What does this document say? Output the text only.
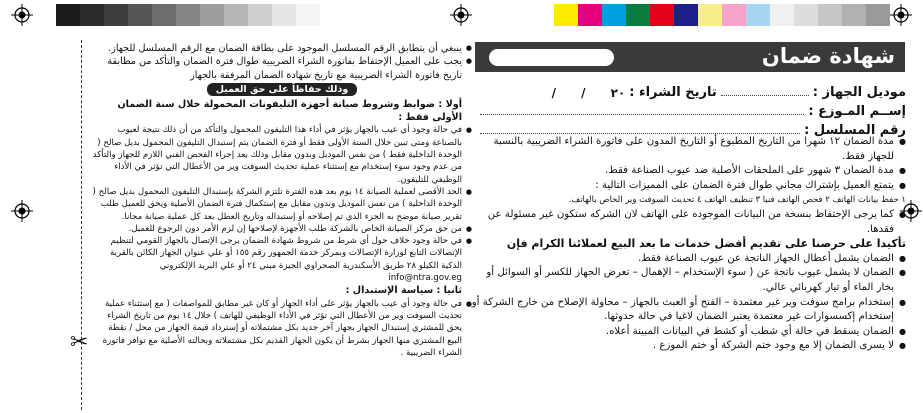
✂
شهادة ضمان
موديل الجهاز :
تاريخ الشراء :
/      /      ٢٠
إســم المـوزع :
رقم المسلسل :

● مدة الضمان ١٢ شهرا من التاريخ المطبوع أو التاريخ المدون على فاتورة الشراء الضريبية بالنسبة للجهاز فقط.

● مدة الضمان ٣ شهور على الملحقات الأصلية ضد عيوب الصناعة فقط.

● يتمتع العميل بإشتراك مجاني طوال فترة الضمان على المميزات التالية :

١ حفظ بيانات الهاتف ٢ فحص الهاتف فنيا ٣ تنظيف الهاتف ٤ تحديث السوفت وير الخاص بالهاتف.

● كما يرجى الإحتفاظ بنسخة من البيانات الموجوده على الهاتف لان الشركه ستكون غير مسئولة عن فقدها.

تأكيدا على حرصنا على تقديم أفضل خدمات ما بعد البيع لعملائنا الكرام فإن

● الضمان يشمل أعطال الجهاز الناتجة عن عيوب الصناعة فقط.

● الضمان لا يشمل عيوب ناتجة عن ( سوء الإستخدام – الإهمال – تعرض الجهاز للكسر أو السوائل أو بخار الماء أو تيار كهربائي عالي.

● إستخدام برامج سوفت وير غير معتمدة – الفتح أو العبث بالجهاز – محاولة الإصلاح من خارج الشركة أو إستخدام إكسسوارات غير معتمدة يعتبر الضمان لاغيا في حالة حدوثها.

● الضمان يسقط في حالة أي شطب أو كشط في البيانات المبينة أعلاه.

● لا يسرى الضمان إلا مع وجود ختم الشركة أو ختم الموزع .

● ينبغي أن يتطابق الرقم المسلسل الموجود على بطاقة الضمان مع الرقم المسلسل للجهاز.

● يجب على العميل الإحتفاظ بفاتورة الشراء الضريبية طوال فترة الضمان والتأكد من مطابقة تاريخ فاتورة الشراء الضريبية مع تاريخ شهادة الضمان المرفقة بالجهاز

وذلك حفاظاً على حق العميل

أولا : ضوابط وشروط صيانة أجهزة التليفونات المحمولة خلال سنة الضمان الأولى فقط :

● في حالة وجود أي عيب بالجهاز يؤثر في أداء هذا التليفون المحمول والتأكد من أن ذلك نتيجة لعيوب بالصناعة ومتى تبين خلال السنة الأولى فقط أو فترة الضمان يتم إستبدال التليفون المحمول بديل صالح ( الوحدة الداخلية فقط ) من نفس الموديل وبدون مقابل وذلك بعد إجراء الفحص الفني اللازم للجهاز والتأكد من عدم وجود سوء إستخدام مع إستثناء عملية تحديث السوفت وير من الأعطال التي تؤثر في الأداء الوظيفي للتليفون.

● الحد الأقصى لعملية الصيانة ١٤ يوم بعد هذه الفترة تلتزم الشركة بإستبدال التليفون المحمول بديل صالح ( الوحدة الداخلية ) من نفس الموديل وبدون مقابل مع إستكمال فترة الضمان الأصلية ويحق للعميل طلب تقرير صيانة موضح به الجزء الذي تم إصلاحه أو إستبداله وتاريخ العطل بعد كل عملية صيانة مجانا.

● من حق مركز الصيانة الخاص بالشركة طلب الأجهزة لإصلاحها إن لزم الأمر دون الرجوع للعميل.

● في حالة وجود خلاف حول أي شرط من شروط شهادة الضمان يرجى الإتصال بالجهاز القومي لتنظيم الإتصالات التابع لوزارة الإتصالات وبمركز خدمة الجمهور رقم ١٥٥ أو علي عنوان الجهاز الكائن بالقرية الذكية الكيلو ٢٨ طريق الأسكندرية الصحراوي الجيزة مبني ٢٤ أو علي البريد الإلكتروني info@ntra.gov.eg

ثانيا : سياسة الإستبدال :

● في حالة وجود أي عيب بالجهاز يؤثر على أداء الجهاز أو كان غير مطابق للمواصفات ( مع إستثناء عملية تحديث السوفت وير من الأعطال التي تؤثر في الأداء الوظيفي للهاتف ) خلال ١٤ يوم من تاريخ الشراء يحق للمشتري إستبدال الجهاز بجهاز آخر جديد بكل مشتملاته أو إسترداد قيمة الجهاز من محل / نقطة البيع المشتري منها الجهاز بشرط أن يكون الجهاز القديم بكل مشتملاته وبحالته الأصلية مع توافر فاتورة الشراء الضريبية .
